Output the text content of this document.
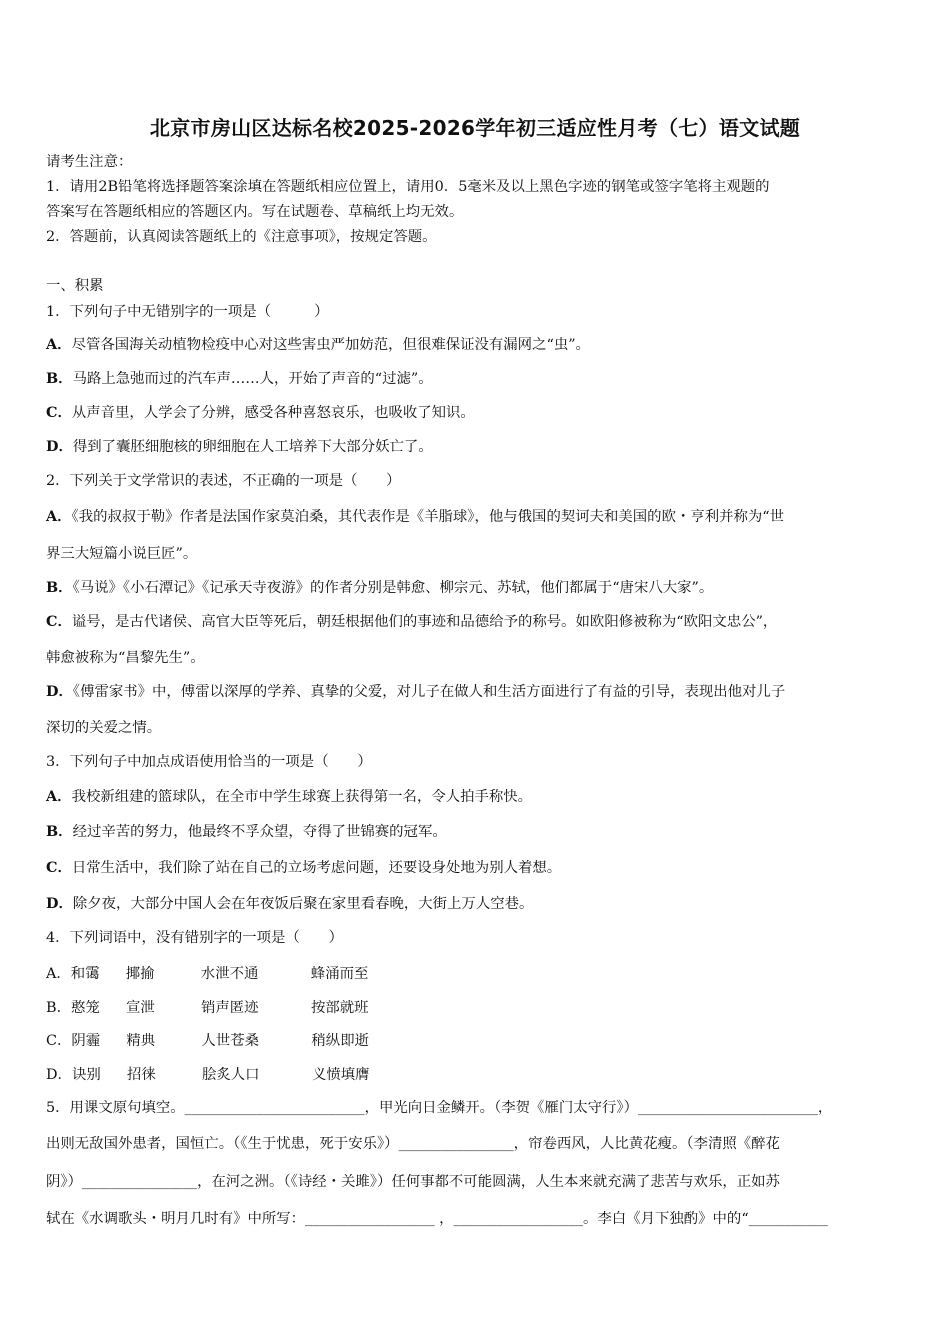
北京市房山区达标名校2025-2026学年初三适应性月考（七）语文试题
请考生注意：
1．请用2B铅笔将选择题答案涂填在答题纸相应位置上，请用0．5毫米及以上黑色字迹的钢笔或签字笔将主观题的
答案写在答题纸相应的答题区内。写在试题卷、草稿纸上均无效。
2．答题前，认真阅读答题纸上的《注意事项》，按规定答题。
一、积累
1．下列句子中无错别字的一项是（　　　）
A．尽管各国海关动植物检疫中心对这些害虫严加妨范，但很难保证没有漏网之“虫”。
B．马路上急弛而过的汽车声……人，开始了声音的“过滤”。
C．从声音里，人学会了分辨，感受各种喜怒哀乐，也吸收了知识。
D．得到了囊胚细胞核的卵细胞在人工培养下大部分妖亡了。
2．下列关于文学常识的表述，不正确的一项是（　　）
A．《我的叔叔于勒》作者是法国作家莫泊桑，其代表作是《羊脂球》，他与俄国的契诃夫和美国的欧・亨利并称为“世
界三大短篇小说巨匠”。
B．《马说》《小石潭记》《记承天寺夜游》的作者分别是韩愈、柳宗元、苏轼，他们都属于“唐宋八大家”。
C．谥号，是古代诸侯、高官大臣等死后，朝廷根据他们的事迹和品德给予的称号。如欧阳修被称为“欧阳文忠公”，
韩愈被称为“昌黎先生”。
D．《傅雷家书》中，傅雷以深厚的学养、真挚的父爱，对儿子在做人和生活方面进行了有益的引导，表现出他对儿子
深切的关爱之情。
3．下列句子中加点成语使用恰当的一项是（　　）
A．我校新组建的篮球队，在全市中学生球赛上获得第一名，令人拍手称快。
B．经过辛苦的努力，他最终不孚众望，夺得了世锦赛的冠军。
C．日常生活中，我们除了站在自己的立场考虑问题，还要设身处地为别人着想。
D．除夕夜，大部分中国人会在年夜饭后聚在家里看春晚，大街上万人空巷。
4．下列词语中，没有错别字的一项是（　　）
A．和霭 揶揄	水泄不通	蜂涌而至
B．憨笼 宣泄	销声匿迹	按部就班
C．阴霾 精典	人世苍桑	稍纵即逝
D．诀别 招徕	脍炙人口	义愤填膺
5．用课文原句填空。_________________________，甲光向日金鳞开。（李贺《雁门太守行》）_________________________，
出则无敌国外患者，国恒亡。（《生于忧患，死于安乐》）________________，帘卷西风，人比黄花瘦。（李清照《醉花
阴》）________________，在河之洲。（《诗经・关雎》）任何事都不可能圆满，人生本来就充满了悲苦与欢乐，正如苏
轼在《水调歌头・明月几时有》中所写：__________________ ，__________________。李白《月下独酌》中的“___________
